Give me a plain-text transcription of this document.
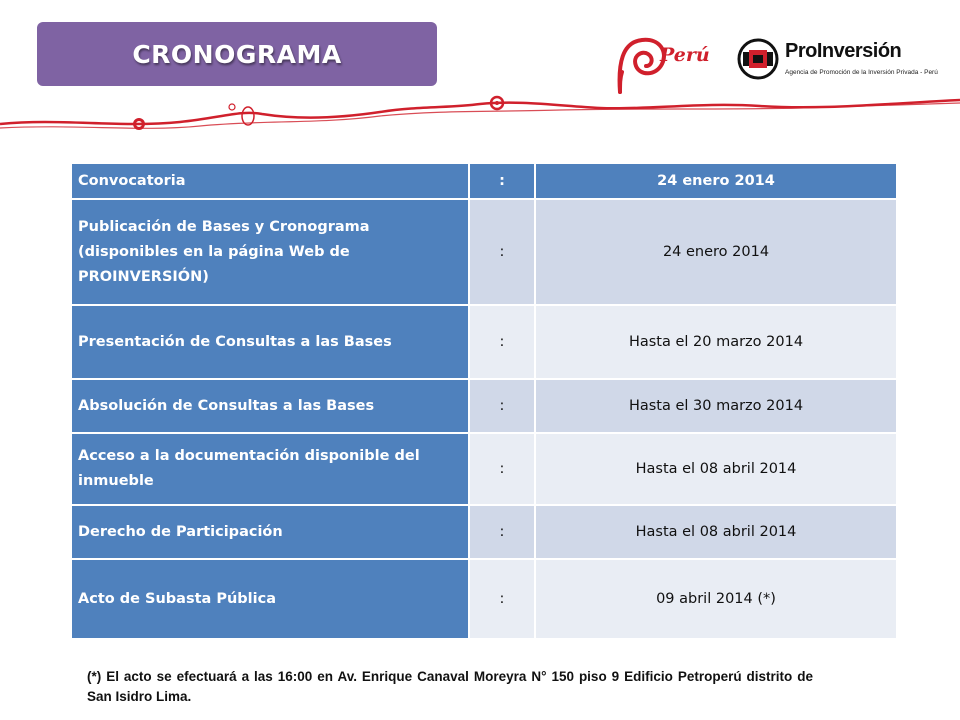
CRONOGRAMA	Perú	ProInversión
Agencia de Promoción de la Inversión Privada - Perú
Convocatoria	:	24 enero 2014
Publicación de Bases y Cronograma (disponibles en la página Web de PROINVERSIÓN)	:	24 enero 2014
Presentación de Consultas a las Bases	:	Hasta el 20 marzo 2014
Absolución de Consultas a las Bases	:	Hasta el 30 marzo 2014
Acceso a la documentación disponible del inmueble	:	Hasta el 08 abril 2014
Derecho de Participación	:	Hasta el 08 abril 2014
Acto de Subasta Pública	:	09 abril 2014 (*)
(*) El acto se efectuará a las 16:00 en Av. Enrique Canaval Moreyra N° 150 piso 9 Edificio Petroperú distrito de San Isidro Lima.
